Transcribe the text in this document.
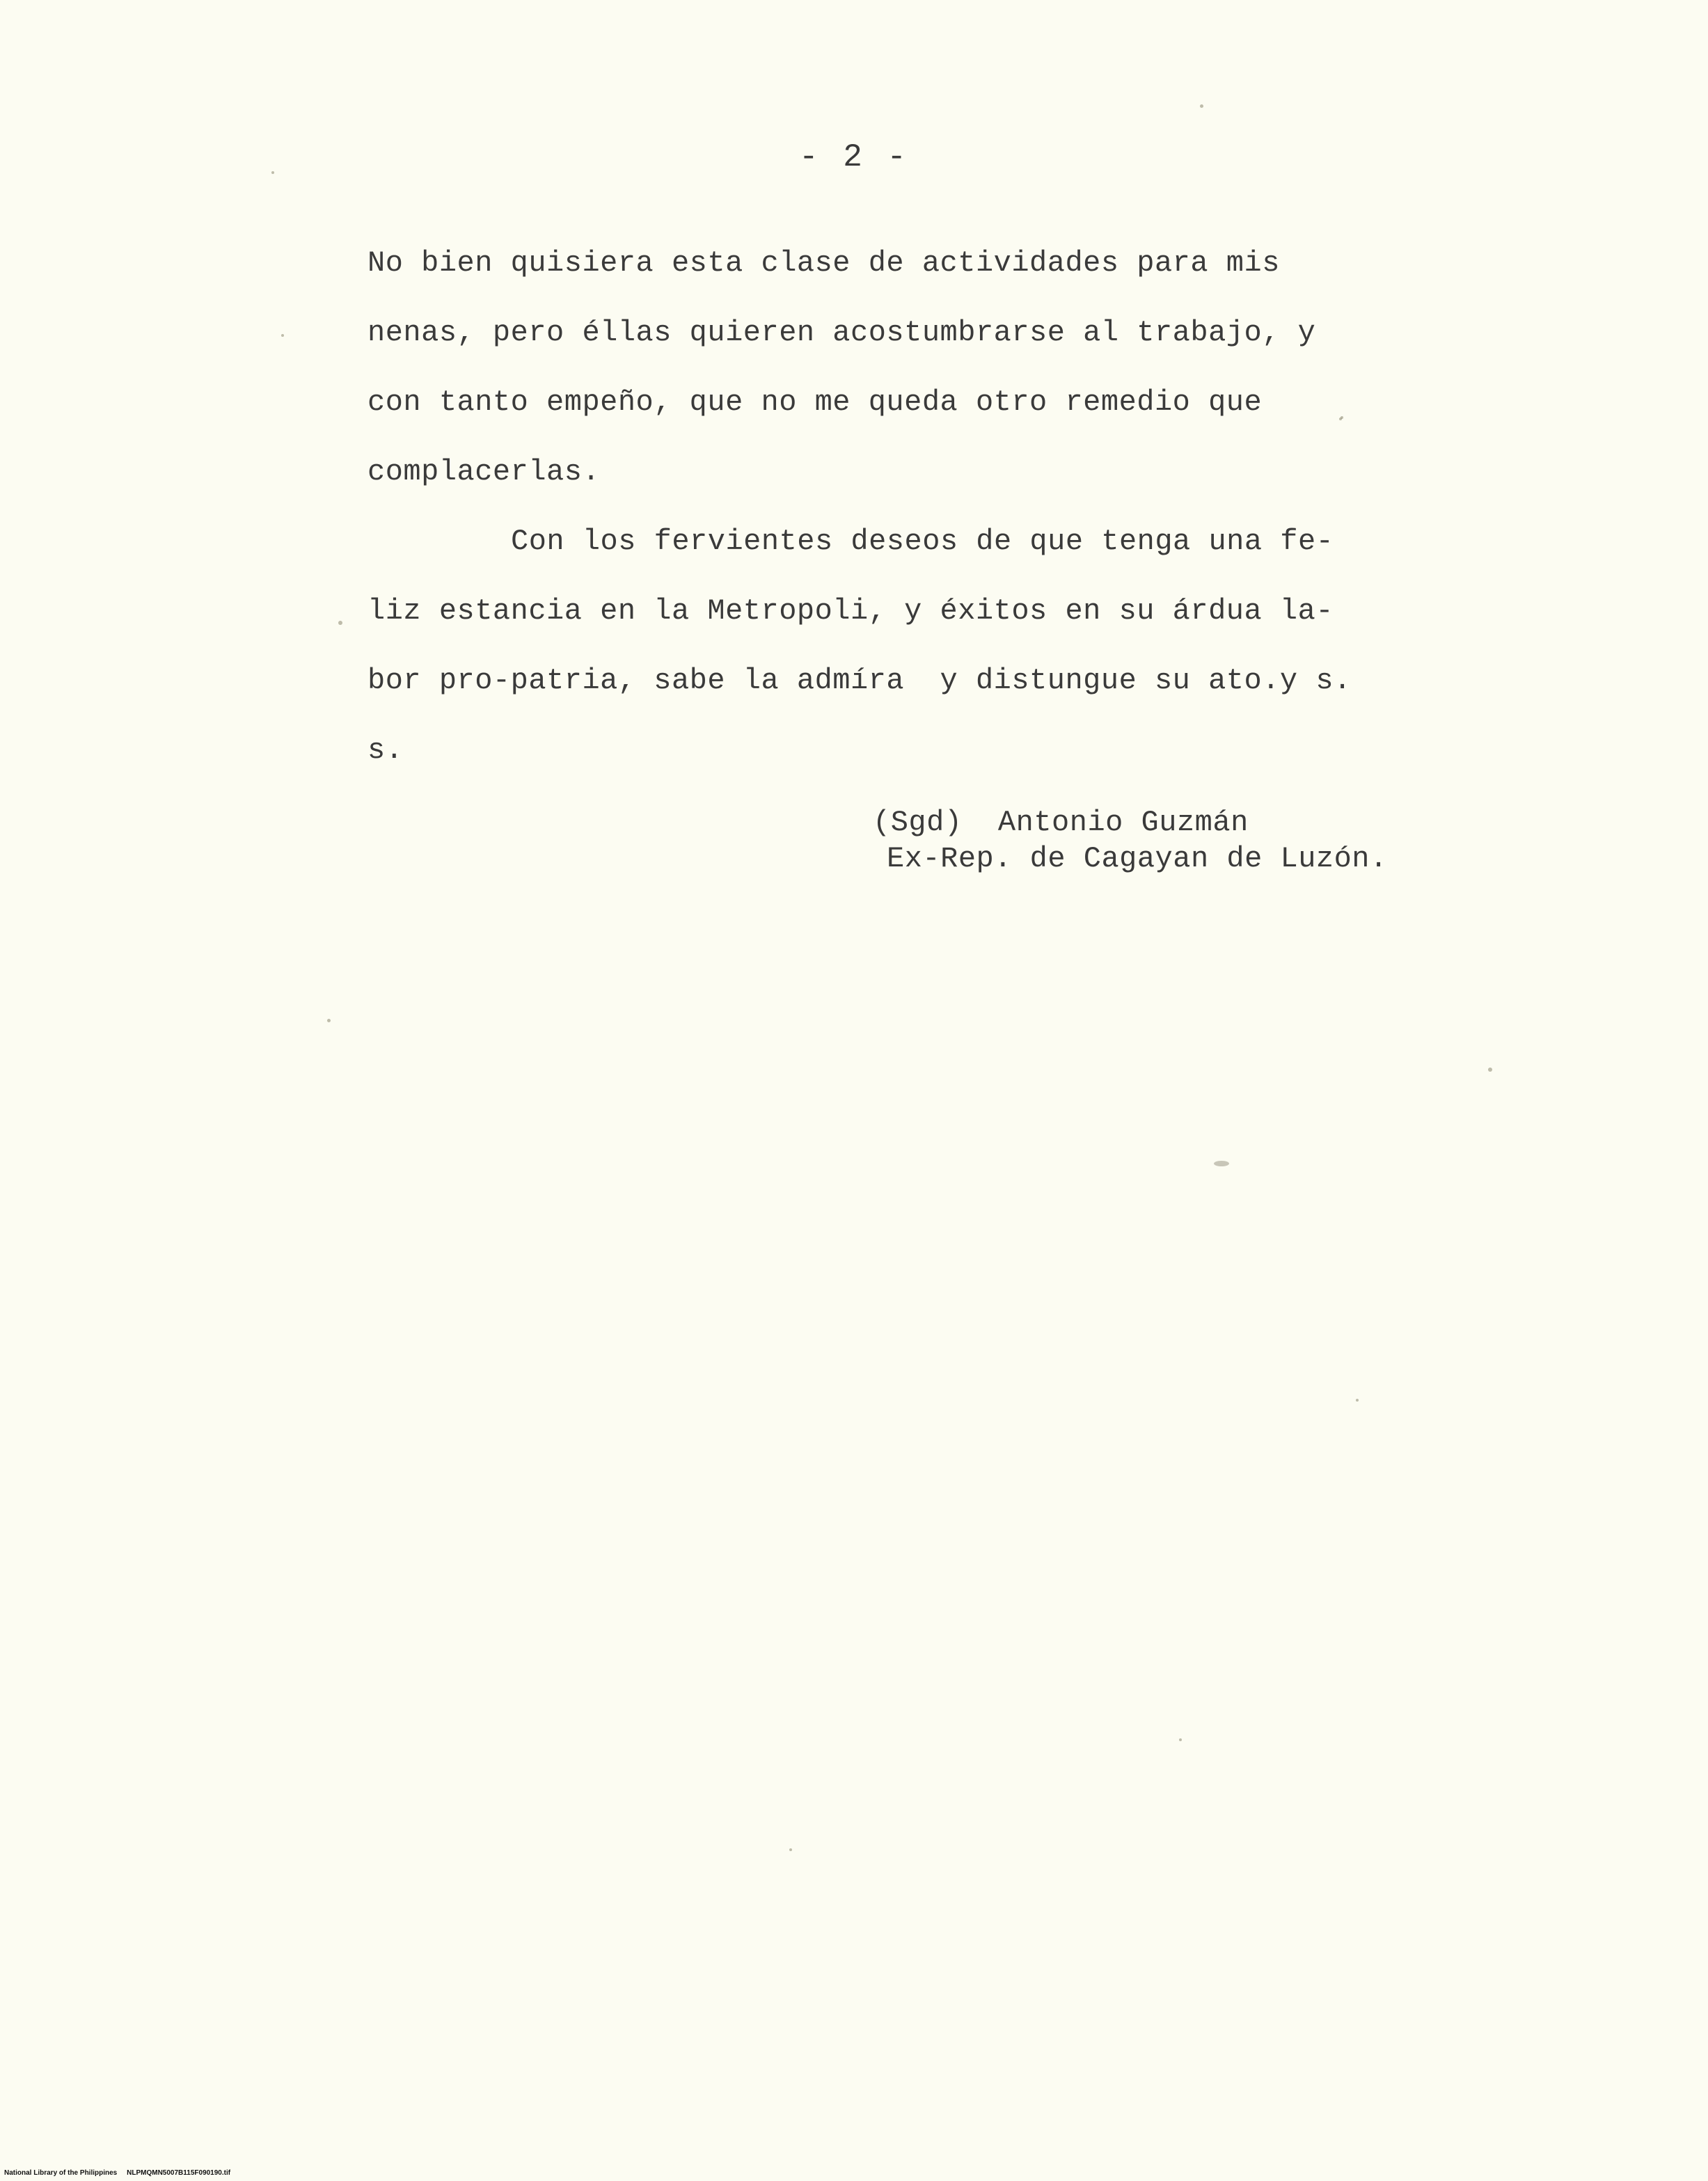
- 2 -
No bien quisiera esta clase de actividades para mis
nenas, pero éllas quieren acostumbrarse al trabajo, y
con tanto empeño, que no me queda otro remedio que
complacerlas.
Con los fervientes deseos de que tenga una fe-
liz estancia en la Metropoli, y éxitos en su árdua la-
bor pro-patria, sabe la admíra  y distungue su ato.y s.
s.
(Sgd)  Antonio Guzmán
Ex-Rep. de Cagayan de Luzón.
National Library of the Philippines     NLPMQMN5007B115F090190.tif
